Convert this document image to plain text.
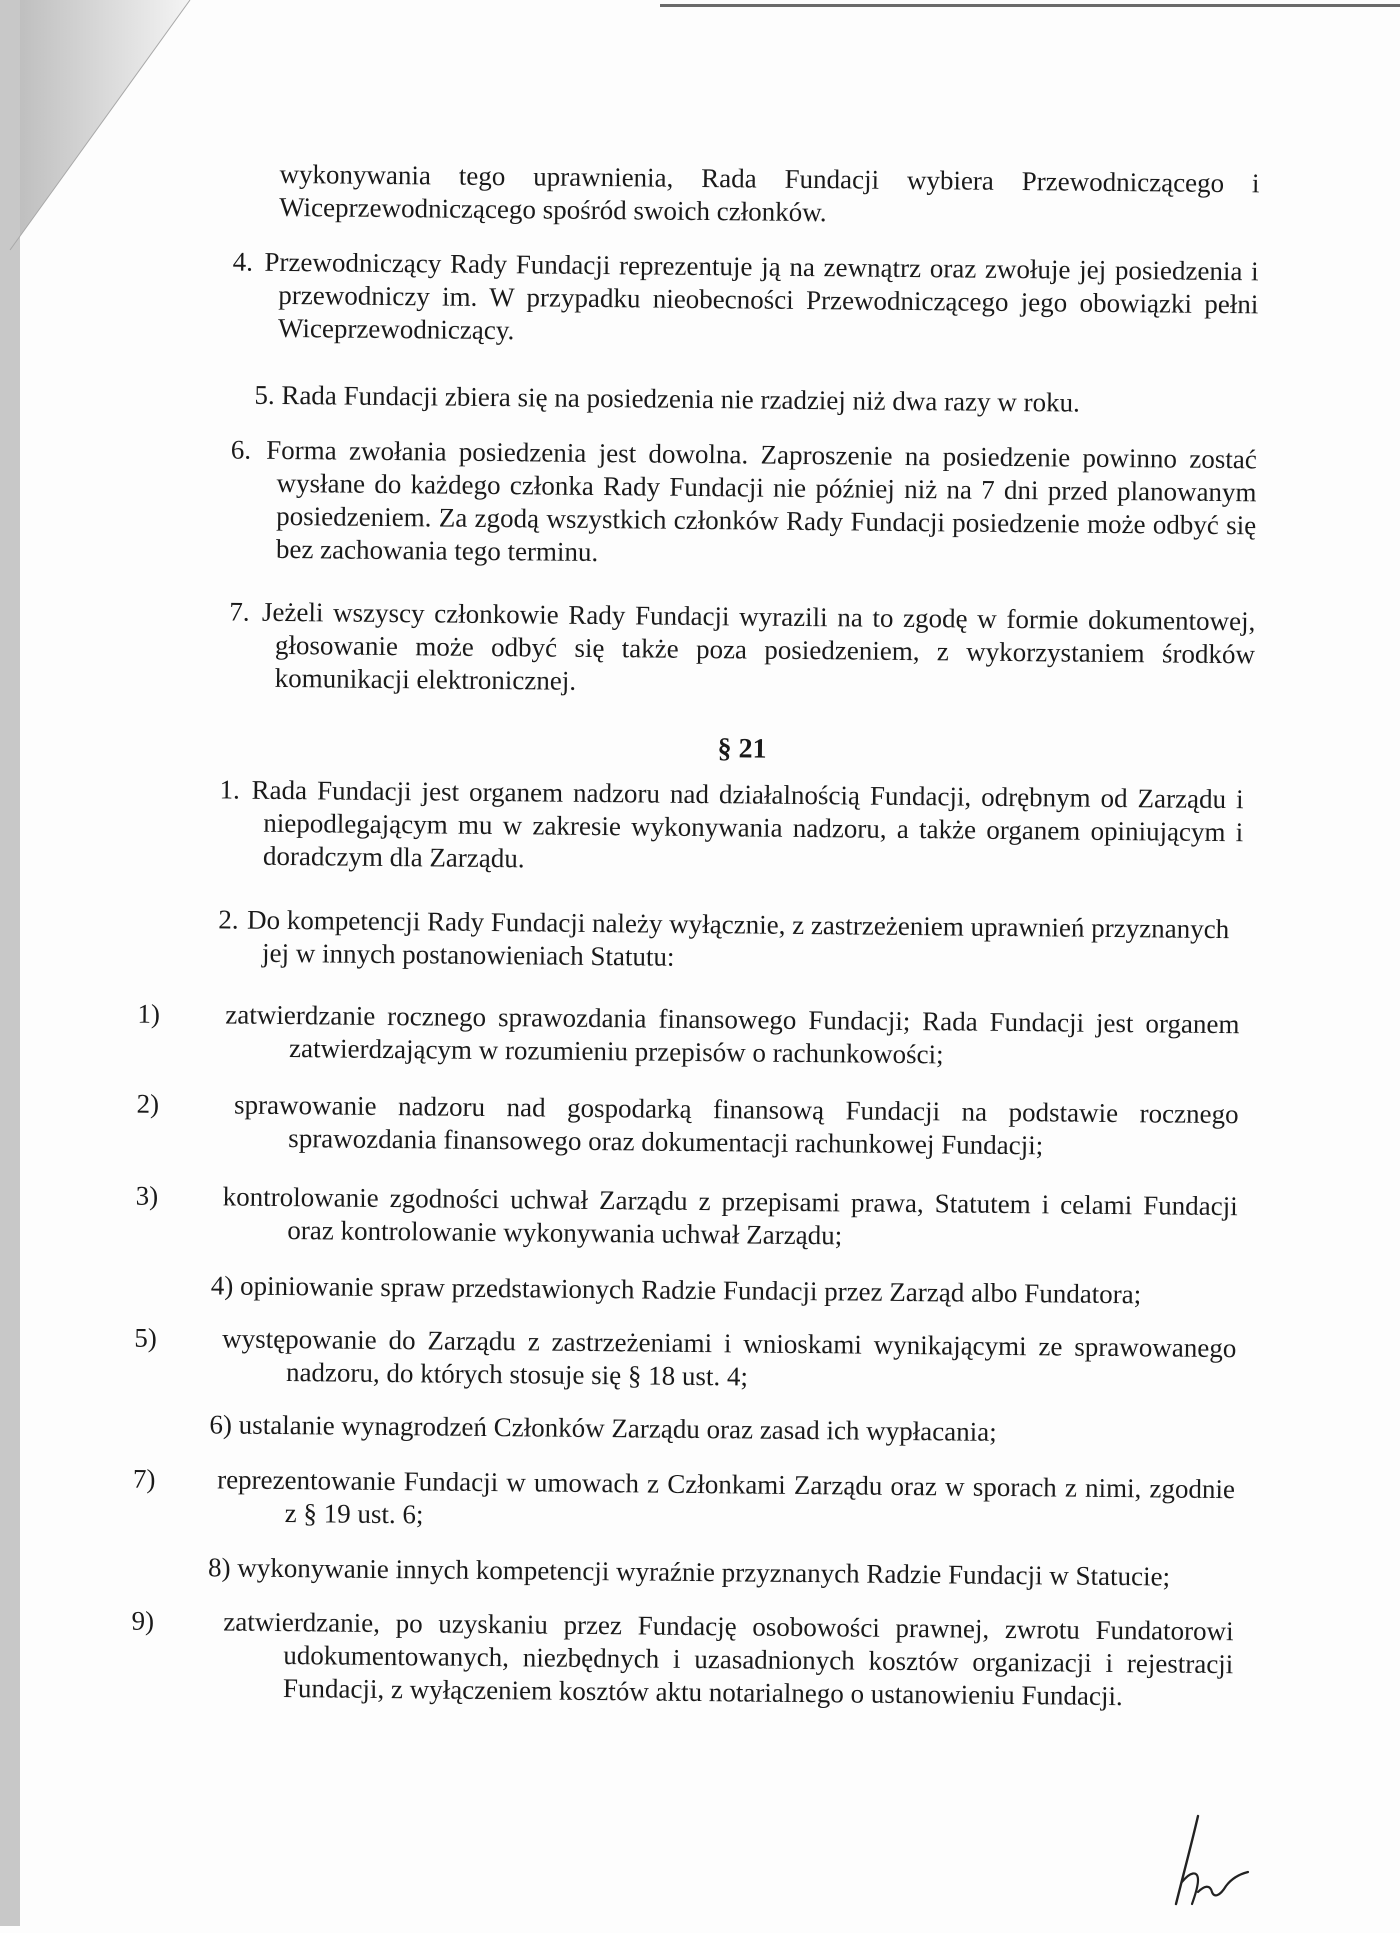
wykonywania tego uprawnienia, Rada Fundacji wybiera Przewodniczącego i Wiceprzewodniczącego spośród swoich członków.

4. Przewodniczący Rady Fundacji reprezentuje ją na zewnątrz oraz zwołuje jej posiedzenia i przewodniczy im. W przypadku nieobecności Przewodniczącego jego obowiązki pełni Wiceprzewodniczący.

5. Rada Fundacji zbiera się na posiedzenia nie rzadziej niż dwa razy w roku.

6. Forma zwołania posiedzenia jest dowolna. Zaproszenie na posiedzenie powinno zostać wysłane do każdego członka Rady Fundacji nie później niż na 7 dni przed planowanym posiedzeniem. Za zgodą wszystkich członków Rady Fundacji posiedzenie może odbyć się bez zachowania tego terminu.

7. Jeżeli wszyscy członkowie Rady Fundacji wyrazili na to zgodę w formie dokumentowej, głosowanie może odbyć się także poza posiedzeniem, z wykorzystaniem środków komunikacji elektronicznej.

§ 21

1. Rada Fundacji jest organem nadzoru nad działalnością Fundacji, odrębnym od Zarządu i niepodlegającym mu w zakresie wykonywania nadzoru, a także organem opiniującym i doradczym dla Zarządu.

2. Do kompetencji Rady Fundacji należy wyłącznie, z zastrzeżeniem uprawnień przyznanych jej w innych postanowieniach Statutu:

1) zatwierdzanie rocznego sprawozdania finansowego Fundacji; Rada Fundacji jest organem zatwierdzającym w rozumieniu przepisów o rachunkowości;

2)	sprawowanie nadzoru nad gospodarką finansową Fundacji na podstawie rocznego sprawozdania finansowego oraz dokumentacji rachunkowej Fundacji;

3) kontrolowanie zgodności uchwał Zarządu z przepisami prawa, Statutem i celami Fundacji oraz kontrolowanie wykonywania uchwał Zarządu;

4) opiniowanie spraw przedstawionych Radzie Fundacji przez Zarząd albo Fundatora;

5) występowanie do Zarządu z zastrzeżeniami i wnioskami wynikającymi ze sprawowanego nadzoru, do których stosuje się § 18 ust. 4;

6) ustalanie wynagrodzeń Członków Zarządu oraz zasad ich wypłacania;

7) reprezentowanie Fundacji w umowach z Członkami Zarządu oraz w sporach z nimi, zgodnie z § 19 ust. 6;

8) wykonywanie innych kompetencji wyraźnie przyznanych Radzie Fundacji w Statucie;

9)	zatwierdzanie, po uzyskaniu przez Fundację osobowości prawnej, zwrotu Fundatorowi udokumentowanych, niezbędnych i uzasadnionych kosztów organizacji i rejestracji Fundacji, z wyłączeniem kosztów aktu notarialnego o ustanowieniu Fundacji.
